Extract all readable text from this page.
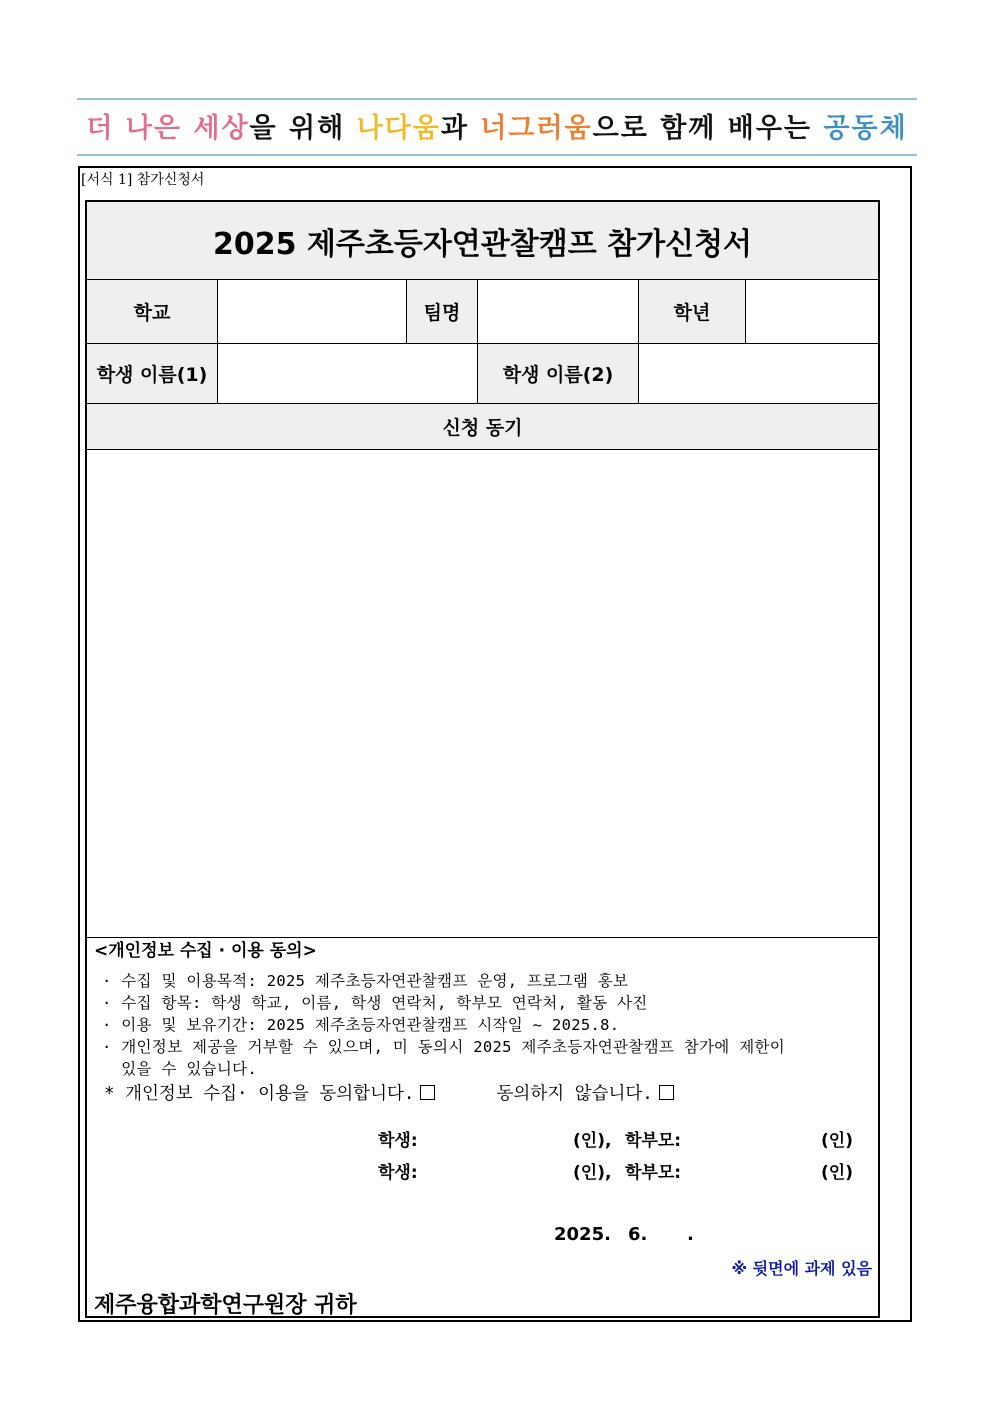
더 나은 세상을 위해 나다움과 너그러움으로 함께 배우는 공동체
[서식 1] 참가신청서
2025 제주초등자연관찰캠프 참가신청서
학교	팀명	학년
학생 이름(1)	학생 이름(2)
신청 동기
<개인정보 수집 · 이용 동의>
· 수집 및 이용목적: 2025 제주초등자연관찰캠프 운영, 프로그램 홍보
· 수집 항목: 학생 학교, 이름, 학생 연락처, 학부모 연락처, 활동 사진
· 이용 및 보유기간: 2025 제주초등자연관찰캠프 시작일 ~ 2025.8.
· 개인정보 제공을 거부할 수 있으며, 미 동의시 2025 제주초등자연관찰캠프 참가에 제한이
있을 수 있습니다.
* 개인정보 수집· 이용을 동의합니다.	동의하지 않습니다.
학생:	(인), 학부모:	(인)
학생:	(인), 학부모:	(인)
2025. 6. .
※ 뒷면에 과제 있음
제주융합과학연구원장 귀하
